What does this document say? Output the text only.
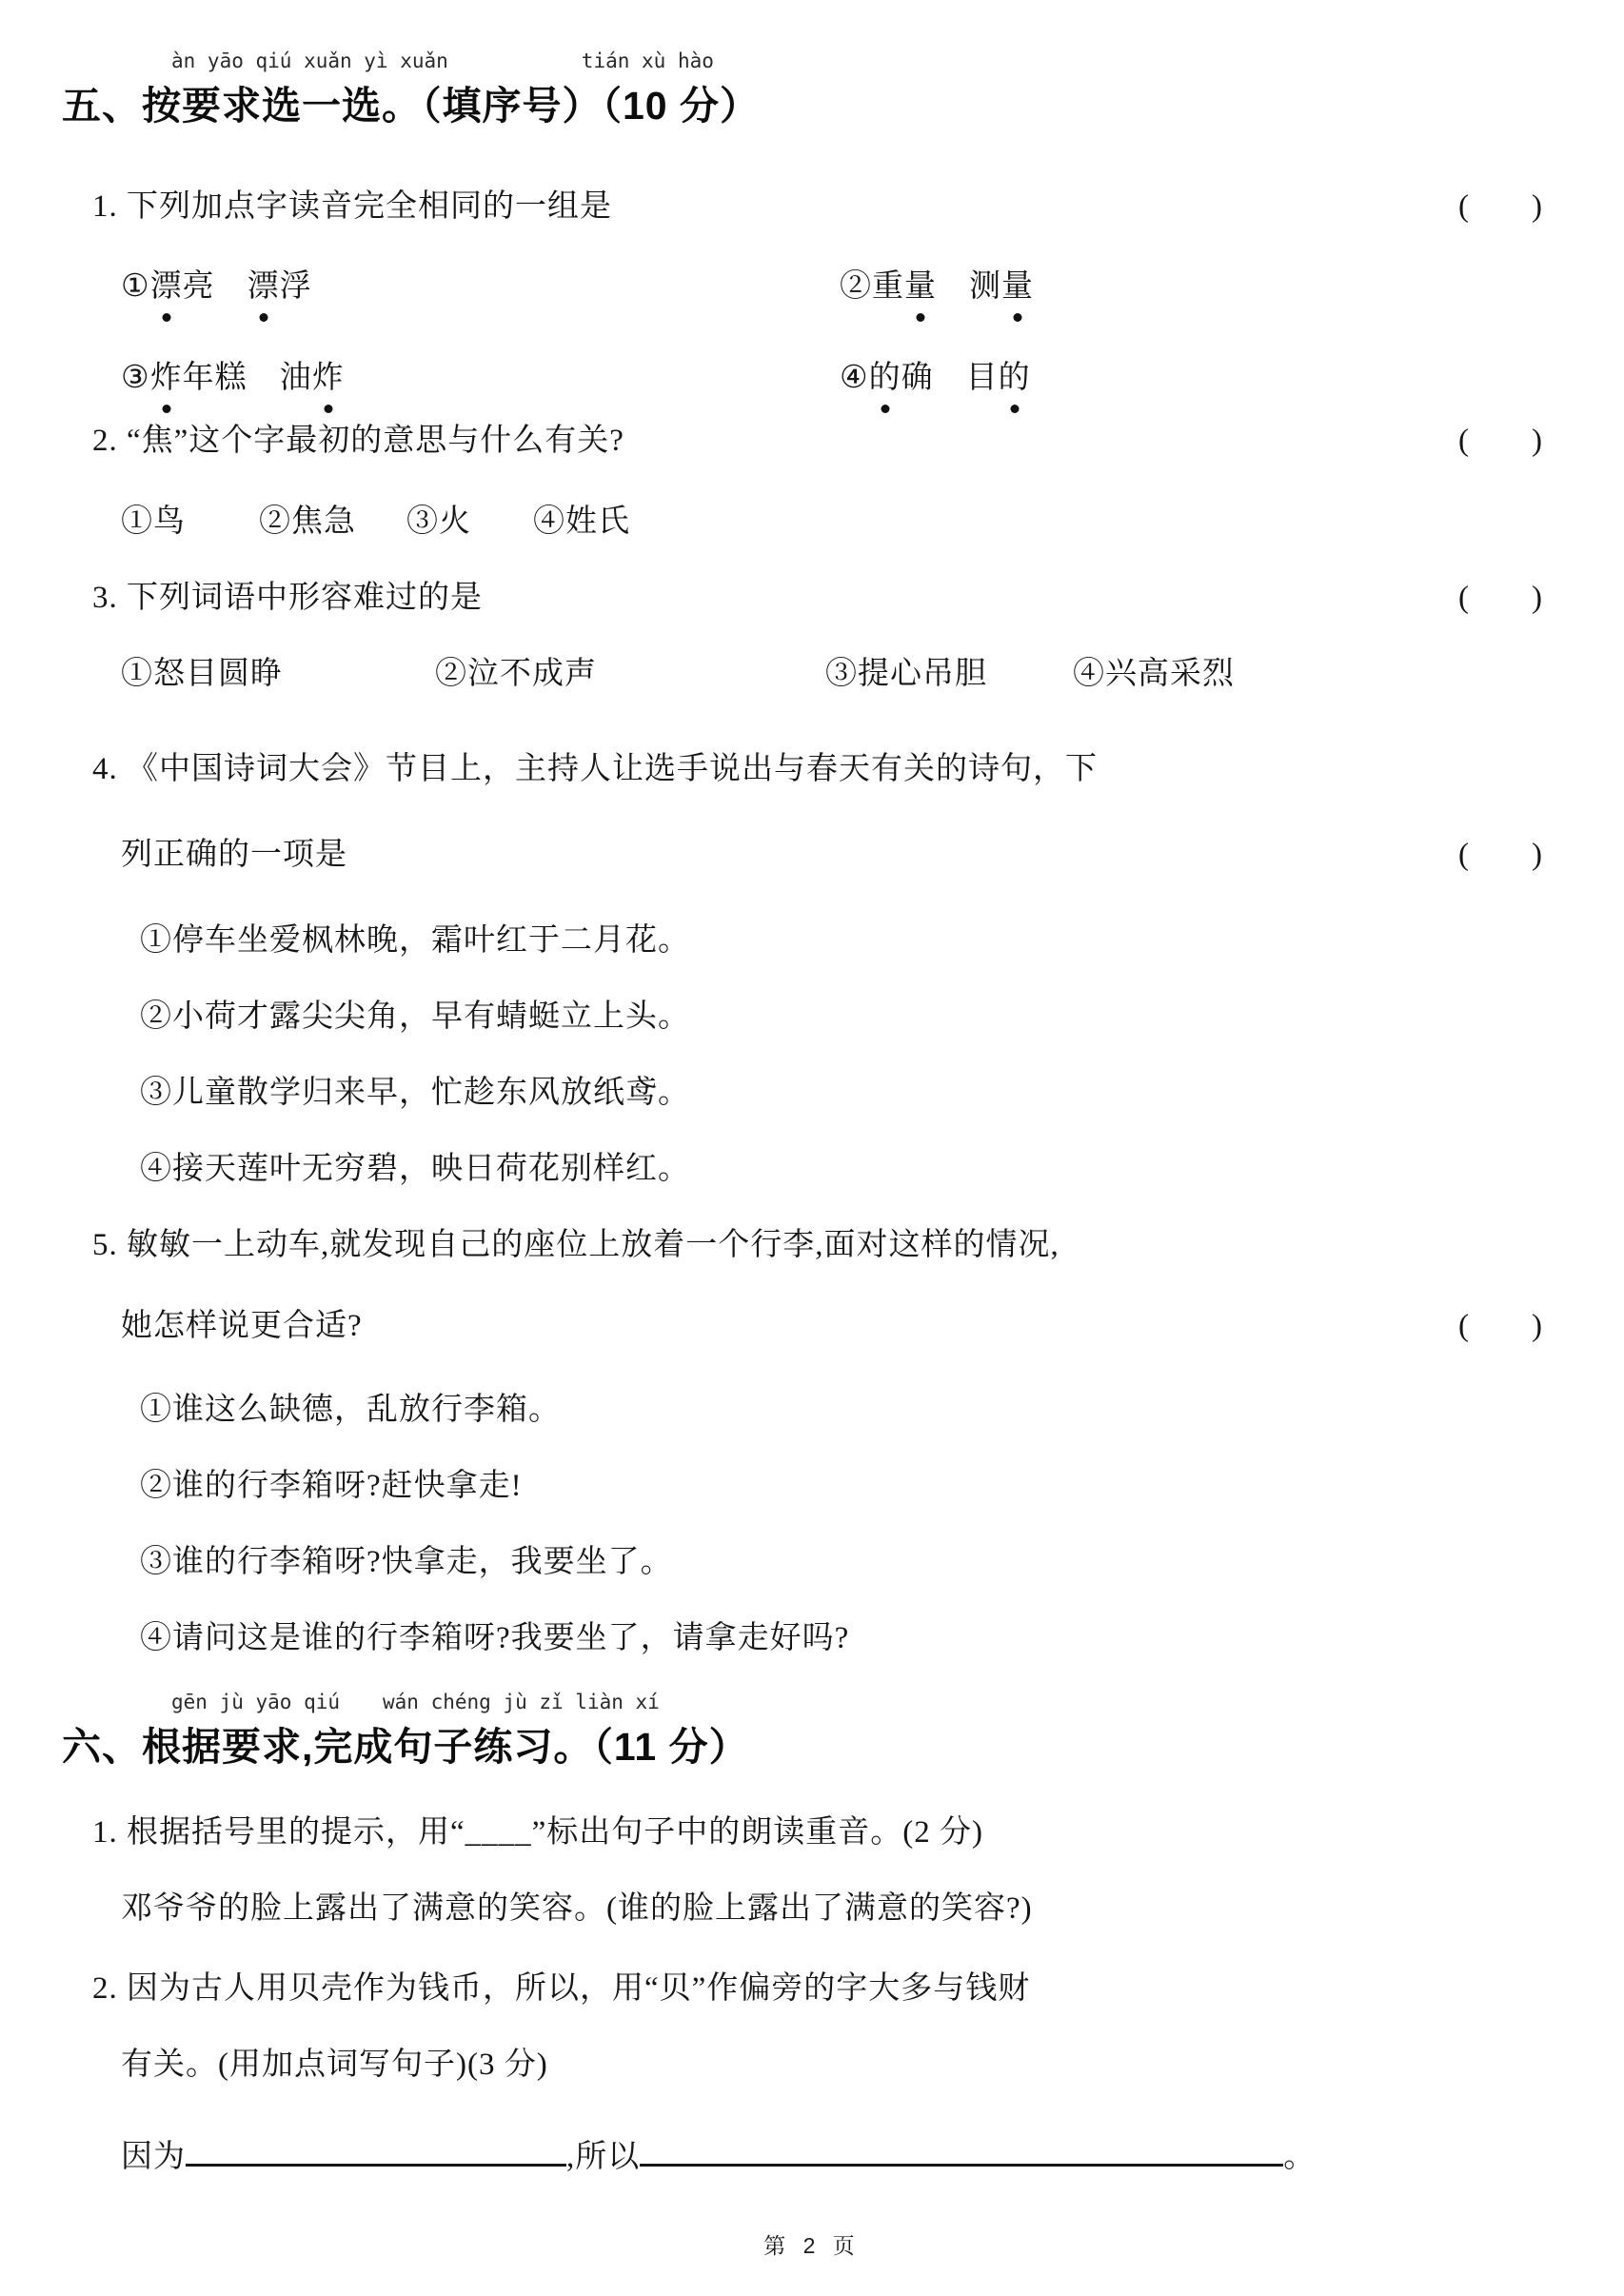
àn yāo qiú xuǎn yì xuǎn	tián xù hào
五、按要求选一选。（填序号）（10 分）
1. 下列加点字读音完全相同的一组是	(　　)
①漂亮　 漂浮	②重量　 测量
③炸年糕　 油炸	④的确　 目的
2. “焦”这个字最初的意思与什么有关?	(　　)
①鸟	②焦急	③火	④姓氏
3. 下列词语中形容难过的是	(　　)
①怒目圆睁	②泣不成声	③提心吊胆	④兴高采烈
4. 《中国诗词大会》节目上，主持人让选手说出与春天有关的诗句，下
列正确的一项是	(　　)
①停车坐爱枫林晚，霜叶红于二月花。
②小荷才露尖尖角，早有蜻蜓立上头。
③儿童散学归来早，忙趁东风放纸鸢。
④接天莲叶无穷碧，映日荷花别样红。
5. 敏敏一上动车,就发现自己的座位上放着一个行李,面对这样的情况,
她怎样说更合适?	(　　)
①谁这么缺德，乱放行李箱。
②谁的行李箱呀?赶快拿走!
③谁的行李箱呀?快拿走，我要坐了。
④请问这是谁的行李箱呀?我要坐了，请拿走好吗?
gēn jù yāo qiú wán chéng jù zǐ liàn xí
六、根据要求,完成句子练习。（11 分）
1. 根据括号里的提示，用“____”标出句子中的朗读重音。(2 分)
邓爷爷的脸上露出了满意的笑容。(谁的脸上露出了满意的笑容?)
2. 因为古人用贝壳作为钱币，所以，用“贝”作偏旁的字大多与钱财
有关。(用加点词写句子)(3 分)
因为	,所以	。
第 2 页
